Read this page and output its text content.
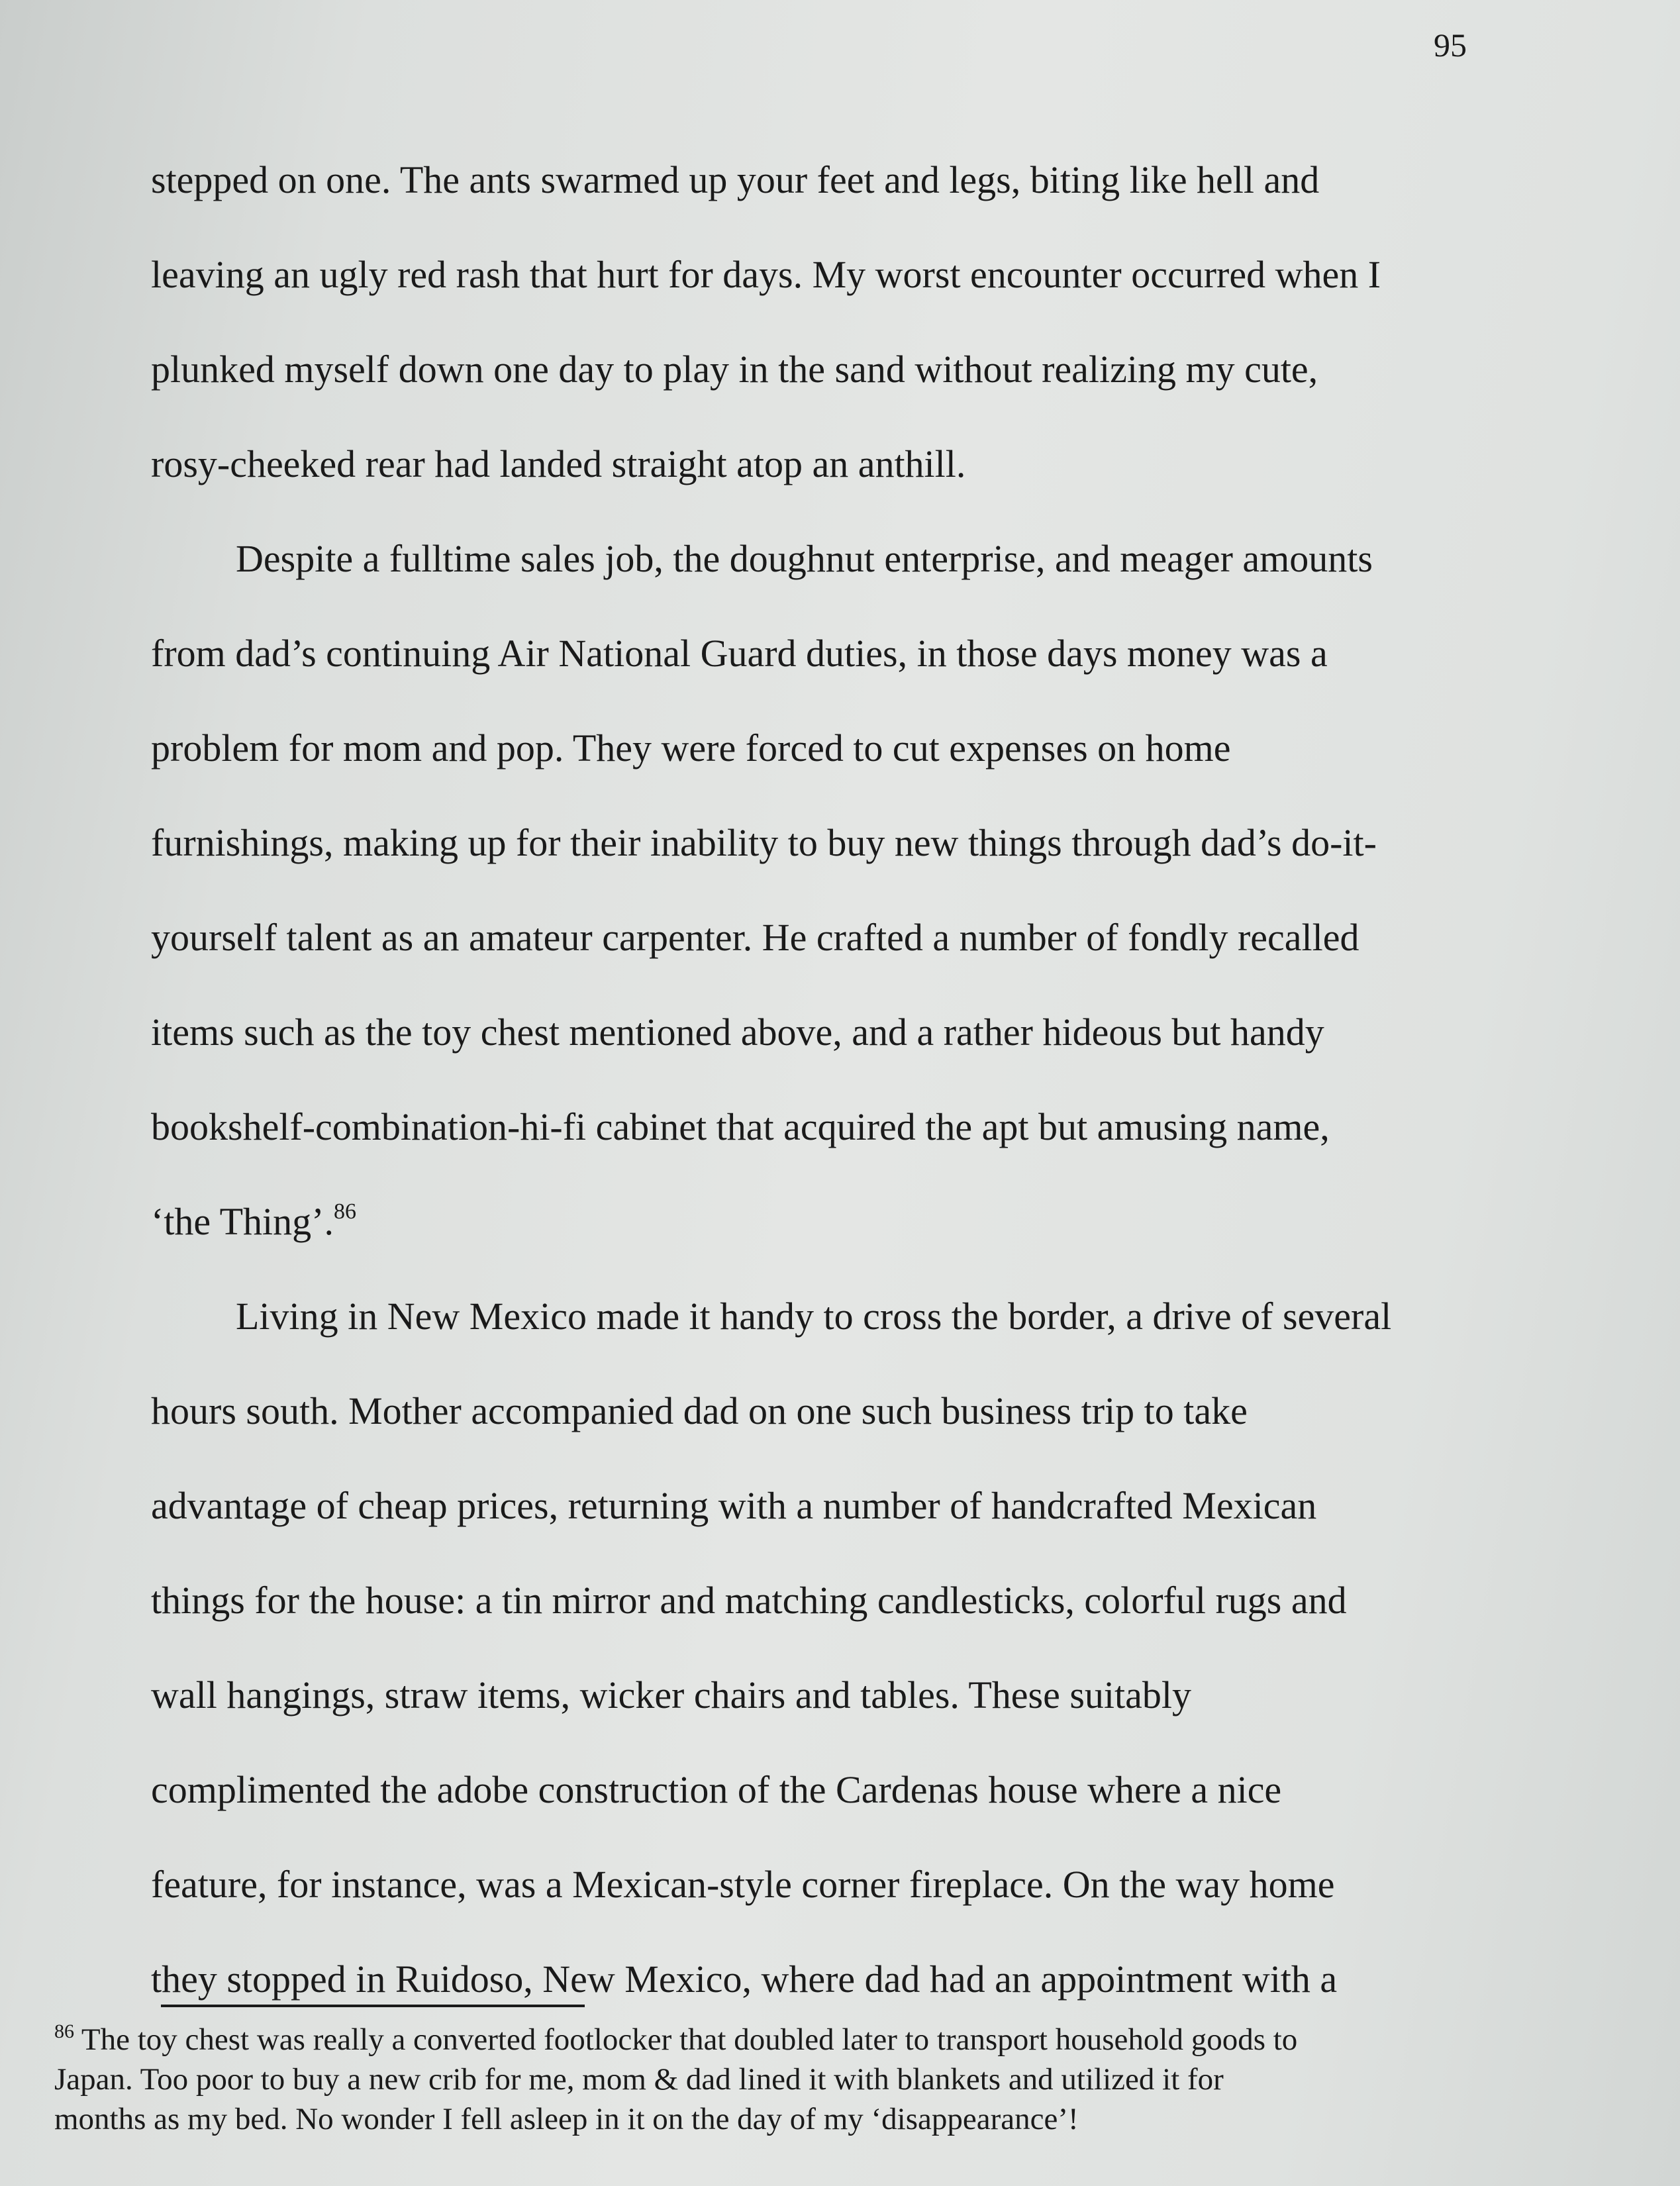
95

stepped on one. The ants swarmed up your feet and legs, biting like hell and

leaving an ugly red rash that hurt for days. My worst encounter occurred when I

plunked myself down one day to play in the sand without realizing my cute,

rosy-cheeked rear had landed straight atop an anthill.

Despite a fulltime sales job, the doughnut enterprise, and meager amounts

from dad’s continuing Air National Guard duties, in those days money was a

problem for mom and pop. They were forced to cut expenses on home

furnishings, making up for their inability to buy new things through dad’s do-it-

yourself talent as an amateur carpenter. He crafted a number of fondly recalled

items such as the toy chest mentioned above, and a rather hideous but handy

bookshelf-combination-hi-fi cabinet that acquired the apt but amusing name,

‘the Thing’.$^{86}$

Living in New Mexico made it handy to cross the border, a drive of several

hours south. Mother accompanied dad on one such business trip to take

advantage of cheap prices, returning with a number of handcrafted Mexican

things for the house: a tin mirror and matching candlesticks, colorful rugs and

wall hangings, straw items, wicker chairs and tables. These suitably

complimented the adobe construction of the Cardenas house where a nice

feature, for instance, was a Mexican-style corner fireplace. On the way home

they stopped in Ruidoso, New Mexico, where dad had an appointment with a

$^{86}$ The toy chest was really a converted footlocker that doubled later to transport household goods to

Japan. Too poor to buy a new crib for me, mom & dad lined it with blankets and utilized it for

months as my bed. No wonder I fell asleep in it on the day of my ‘disappearance’!
